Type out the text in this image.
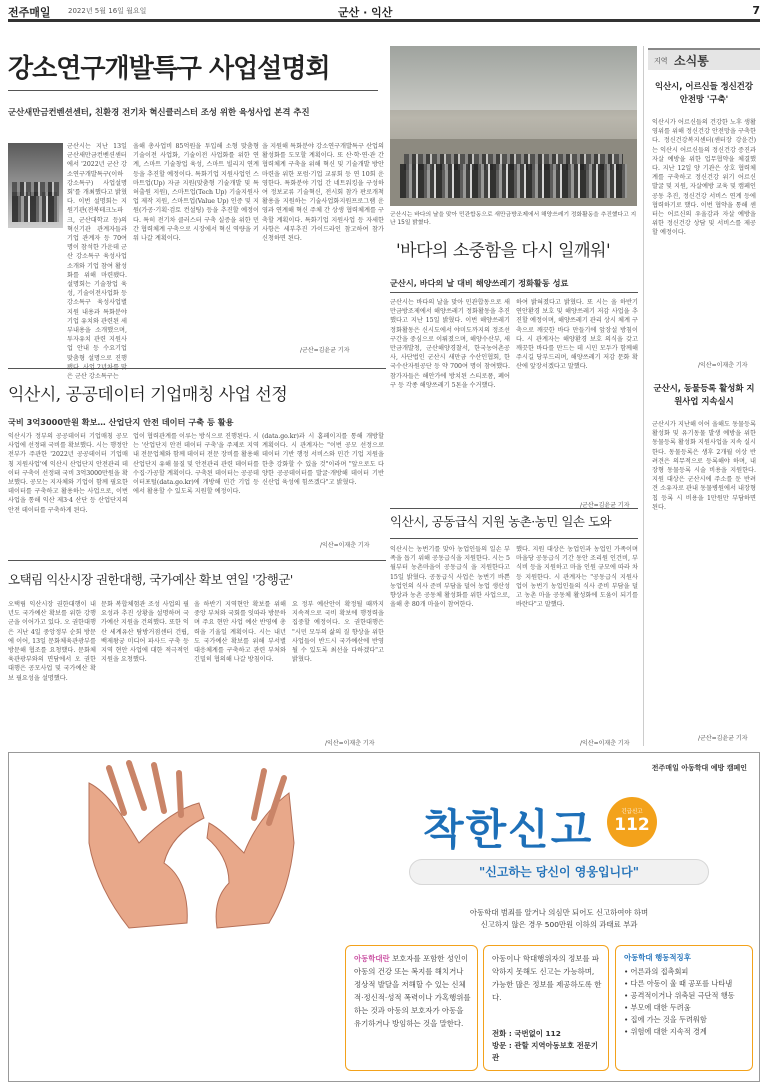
전주매일 2022년 5월 16일 월요일	군산 · 익산	7
강소연구개발특구 사업설명회
군산새만금컨벤션센터, 친환경 전기차 혁신클러스터 조성 위한 육성사업 본격 추진
군산시는 지난 13일 군산새만금컨벤션센터에서 '2022년 군산 강소연구개발특구(이하 강소특구) 사업설명회'를 개최했다고 밝혔다. 이번 설명회는 지원기관(전북테크노파크, 군산대학교 등)의 혁신기관 관계자들과 기업 관계자 등 70여 명이 참석한 가운데 군산 강소특구 육성사업 소개와 기업 참여 활성화를 위해 마련됐다. 설명회는 기술창업 육성, 기술이전사업화 등 강소특구 육성사업별 지원 내용과 특화분야 기업 유치와 관련된 세부내용을 소개했으며, 투자유치 관련 지원사업 안내 등 수요기업 맞춤형 설명으로 진행됐다. 사업 2년차를 맞은 군산 강소특구는
올해 총사업비 85억원을 투입해 소형 맞춤형 기술이전 사업화, 기술이전 사업화를 위한 연계, 스마트 기술창업 육성, 스마트 빌리지 연계 등을 추진할 예정이다. 특화기업 지원사업인 스마트업(Up) 자금 지원(맞춤형 기술개발 및 특허출원 지원), 스마트업(Tech Up) 기술지원사업 제작 지원, 스마트업(Value Up) 인증 및 지원(가공·기획·검토 컨설팅) 등을 추진할 예정이다. 특히 전기차 클러스터 구축 실증을 위한 민간 협력체계 구축으로 시장에서 혁신 역량을 키워 나갈 계획이다.
을 지원해 특화분야 강소연구개발특구 산업의 활성화를 도모할 계획이다. 또 산·학·연·관 간 협력체계 구축을 위해 혁신 및 기술개발 방안 마련을 위한 포럼·기업 교류회 등 연 10회 운영한다. 특화분야 기업 간 네트워킹을 구성하여 정보교류 기술혁신, 전시회 참가 판로개척 활용을 지원하는 기술사업화지원프로그램 운영과 연계해 혁신 주체 간 상생 협력체계를 구축할 계획이다. 특화기업 지원사업 등 자세한 사항은 세부추진 가이드라인 참고하여 참가 신청하면 된다.
/군산=김윤균 기자
군산시는 바다의 날을 맞아 민관합동으로 새만금방조제에서 해양쓰레기 정화활동을 추진했다고 지난 15일 밝혔다.
'바다의 소중함을 다시 일깨워'
군산시, 바다의 날 대비 해양쓰레기 정화활동 성료
군산시는 바다의 날을 맞아 민관합동으로 새만금방조제에서 해양쓰레기 정화활동을 추진했다고 지난 15일 밝혔다. 이번 해양쓰레기 정화활동은 신시도에서 야미도까지의 정조선 구간을 중심으로 이뤄졌으며, 해양수산부, 새만금개발청, 군산해양경찰서, 한국농어촌공사, 사단법인 군산시 새만금 수산인협회, 한국수산자원공단 등 약 700여 명이 참여했다. 참가자들은 해안가에 방치된 스티로폼, 폐어구 등 각종 해양쓰레기 5톤을 수거했다.
하여 밝혀졌다고 밝혔다. 또 시는 올 하반기 연안환경 보호 및 해양쓰레기 저감 사업을 추진할 예정이며, 해양쓰레기 관리 상시 체계 구축으로 깨끗한 바다 만들기에 앞장설 방침이다. 시 관계자는 해양환경 보호 의식을 갖고 깨끗한 바다를 만드는 데 시민 모두가 함께해 주시길 당부드리며, 해양쓰레기 저감 문화 확산에 앞장서겠다고 말했다.
/군산=김윤균 기자
익산시, 공공데이터 기업매칭 사업 선정
국비 3억3000만원 확보… 산업단지 안전 데이터 구축 등 활용
익산시가 정부의 공공데이터 기업매칭 공모 사업에 선정돼 국비를 확보했다. 시는 행정안전부가 주관한 '2022년 공공데이터 기업매칭 지원사업'에 익산시 산업단지 안전관리 데이터 구축이 선정돼 국비 3억3000만원을 확보했다. 공모는 지자체와 기업이 함께 필요한 데이터를 구축하고 활용하는 사업으로, 이번 사업을 통해 익산 제3·4 산단 등 산업단지의 안전 데이터를 구축하게 된다.
업이 협력관계를 이루는 방식으로 진행된다. 시는 '산업단지 안전 데이터 구축'을 주제로 지역 내 전문업체와 함께 데이터 전문 장비를 활용해 산업단지 유해 물질 및 안전관리 관련 데이터를 수집·가공할 계획이다. 구축된 데이터는 공공데이터포털(data.go.kr)에 개방해 민간 기업 등에서 활용할 수 있도록 지원할 예정이다.
(data.go.kr)과 시 홈페이지를 통해 개방할 계획이다. 시 관계자는 "이번 공모 선정으로 데이터 기반 행정 서비스와 민간 기업 지원을 한층 강화할 수 있을 것"이라며 "앞으로도 다양한 공공데이터를 발굴·개방해 데이터 기반 신산업 육성에 힘쓰겠다"고 밝혔다.
/익산=이재춘 기자
익산시, 공동급식 지원 농촌·농민 일손 도와
익산시는 농번기를 맞아 농업인들의 일손 부족을 돕기 위해 공동급식을 지원한다. 시는 5월부터 농촌마을이 공동급식 을 지원한다고 15일 밝혔다. 공동급식 사업은 농번기 바쁜 농업인의 식사 준비 부담을 덜어 농업 생산성 향상과 농촌 공동체 활성화를 위한 사업으로, 올해 총 80개 마을이 참여한다.
했다. 지원 대상은 농업인과 농업인 가족이며 마을당 공동급식 기간 동안 조리원 인건비, 부식비 등을 지원하고 마을 인원 규모에 따라 차등 지원한다. 시 관계자는 "공동급식 지원사업이 농번기 농업인들의 식사 준비 부담을 덜고 농촌 마을 공동체 활성화에 도움이 되기를 바란다"고 말했다.
/익산=이재춘 기자
오택림 익산시장 권한대행, 국가예산 확보 연일 '강행군'
오택림 익산시장 권한대행이 내년도 국가예산 확보를 위한 강행군을 이어가고 있다. 오 권한대행은 지난 4일 중앙정부 순회 방문에 이어, 13일 문화체육관광부를 방문해 협조를 요청했다. 문화체육관광부와의 면담에서 오 권한대행은 공모사업 및 국가예산 확보 필요성을 설명했다.
문화 복합체험관 조성 사업의 필요성과 추진 상황을 설명하며 국가예산 지원을 건의했다. 또한 익산 세계유산 탐방거점센터 건립, 백제왕궁 미디어 파사드 구축 등 지역 현안 사업에 대한 적극적인 지원을 요청했다.
올 하반기 지역현안 확보를 위해 중앙 부처와 국회를 잇따라 방문하며 주요 현안 사업 예산 반영에 총력을 기울일 계획이다. 시는 내년도 국가예산 확보를 위해 부서별 대응체계를 구축하고 관련 부처와 긴밀히 협의해 나갈 방침이다.
요 정부 예산안이 확정될 때까지 지속적으로 국비 확보에 행정력을 집중할 예정이다. 오 권한대행은 "시민 모두의 삶의 질 향상을 위한 사업들이 반드시 국가예산에 반영될 수 있도록 최선을 다하겠다"고 밝혔다.
/익산=이재춘 기자
지역 소식통
익산시, 어르신들 정신건강 안전망 '구축'
익산시가 어르신들의 건강한 노후 생활 영위를 위해 정신건강 안전망을 구축한다. 정신건강복지센터(센터장 강윤건)는 익산시 어르신들의 정신건강 증진과 자살 예방을 위한 업무협약을 체결했다. 지난 12일 양 기관은 상호 협력체계를 구축하고 정신건강 위기 어르신 발굴 및 지원, 자살예방 교육 및 캠페인 공동 추진, 정신건강 서비스 연계 등에 협력하기로 했다. 이번 협약을 통해 센터는 어르신의 우울감과 자살 예방을 위한 정신건강 상담 및 서비스를 제공할 예정이다.
/익산=이재춘 기자
군산시, 동물등록 활성화 지원사업 지속실시
군산시가 지난해 이어 올해도 동물등록 활성화 및 유기동물 발생 예방을 위한 동물등록 활성화 지원사업을 지속 실시한다. 동물등록은 생후 2개월 이상 반려견은 의무적으로 등록해야 하며, 내장형 동물등록 시술 비용을 지원한다. 지원 대상은 군산시에 주소를 둔 반려견 소유자로 관내 동물병원에서 내장형 칩 등록 시 비용을 1만원만 부담하면 된다.
/군산=김윤균 기자
전주매일 아동학대 예방 캠페인
착한신고	긴급신고
112
"신고하는 당신이 영웅입니다"
아동학대 범죄를 알거나 의심만 되어도 신고하여야 하며
신고하지 않은 경우 500만원 이하의 과태료 부과
아동학대란 보호자를 포함한 성인이 아동의 건강 또는 복지를 해치거나 정상적 발달을 저해할 수 있는 신체적·정신적·성적 폭력이나 가혹행위를 하는 것과 아동의 보호자가 아동을 유기하거나 방임하는 것을 말한다.
아동이나 학대행위자의 정보를 파악하지 못해도 신고는 가능하며, 가능한 많은 정보를 제공하도록 한다.
전화 : 국번없이 112
방문 : 관할 지역아동보호 전문기관
아동학대 행동적징후
• 어른과의 접촉회피
• 다른 아동이 울 때 공포를 나타냄
• 공격적이거나 위축된 극단적 행동
• 부모에 대한 두려움
• 집에 가는 것을 두려워함
• 위험에 대한 지속적 경계
